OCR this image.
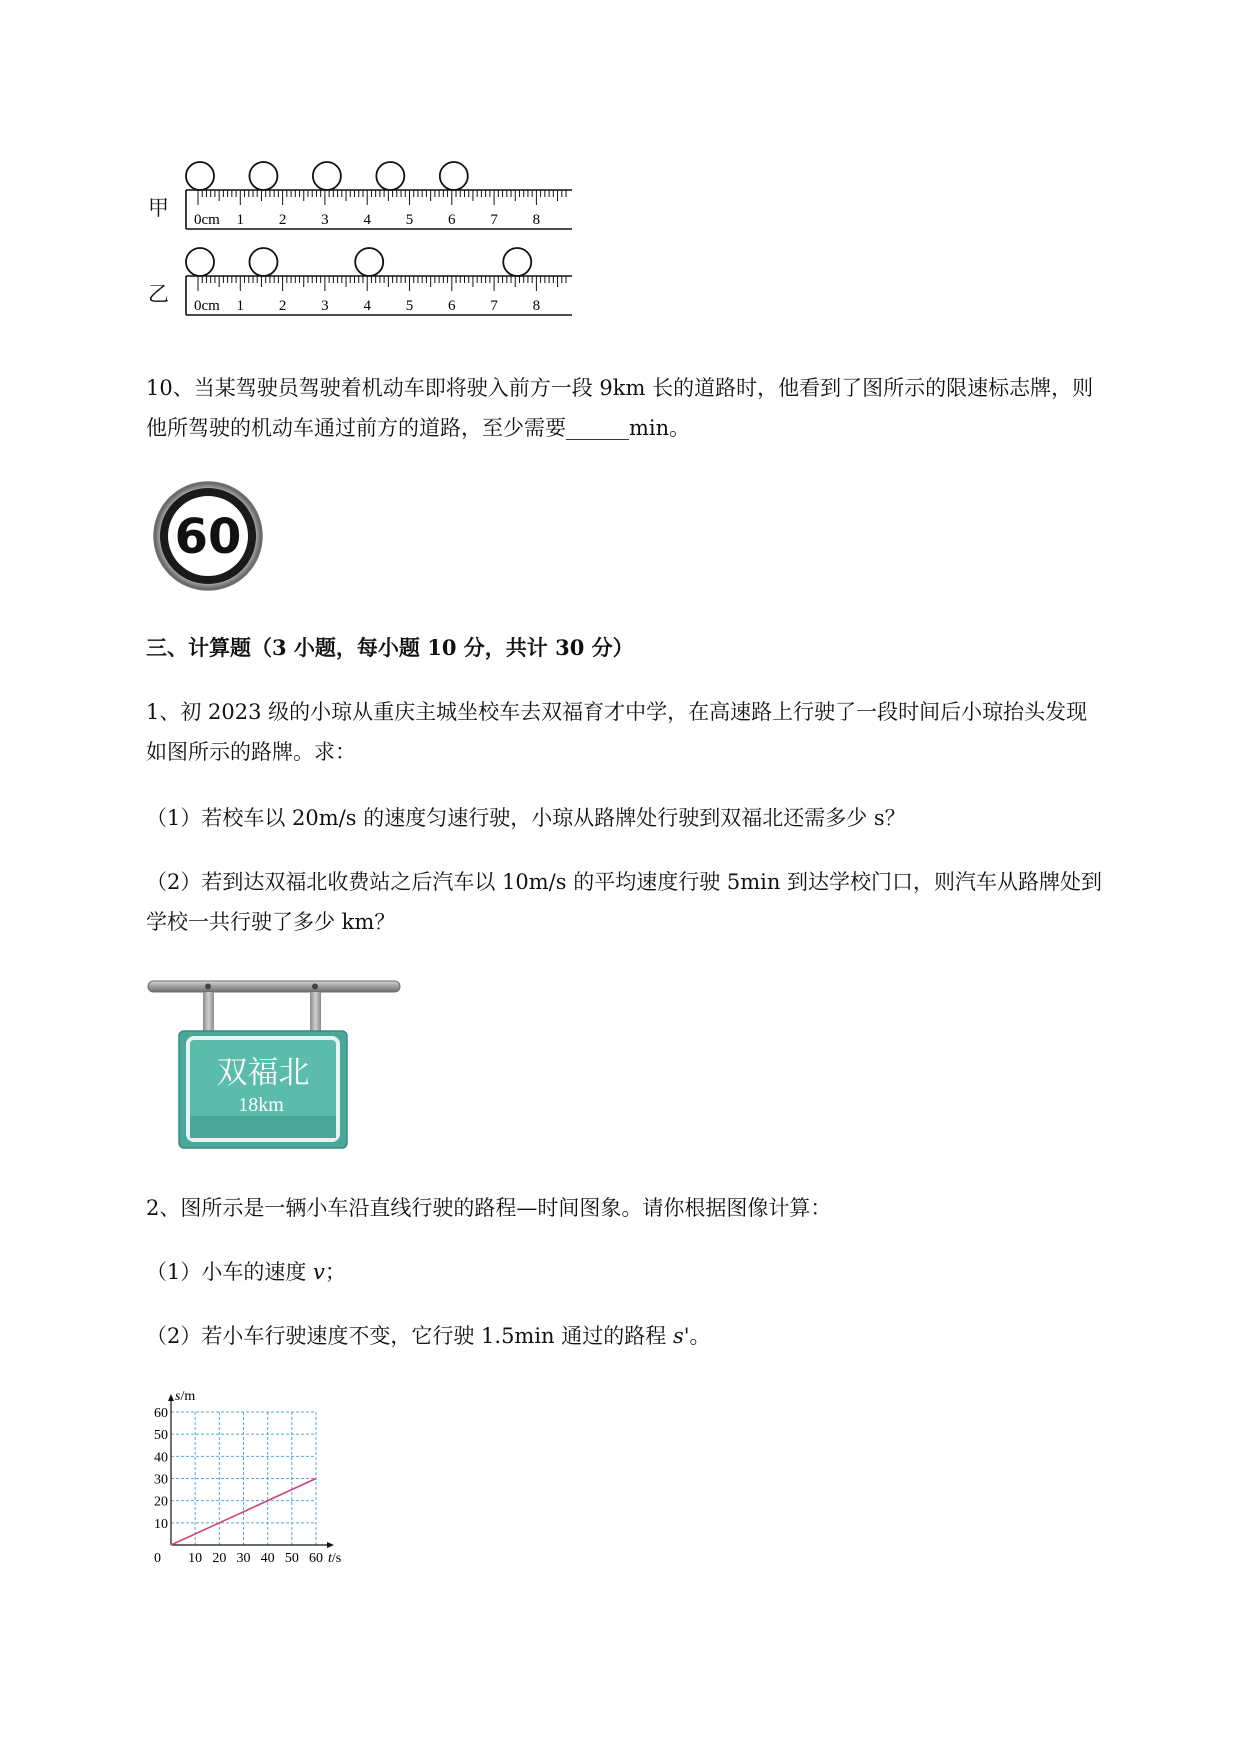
甲
乙
0cm 1 2 3 4 5 6 7 8
0cm 1 2 3 4 5 6 7 8
10、当某驾驶员驾驶着机动车即将驶入前方一段 9km 长的道路时，他看到了图所示的限速标志牌，则
他所驾驶的机动车通过前方的道路，至少需要______min。
60
三、计算题（3 小题，每小题 10 分，共计 30 分）
1、初 2023 级的小琼从重庆主城坐校车去双福育才中学，在高速路上行驶了一段时间后小琼抬头发现
如图所示的路牌。求：
（1）若校车以 20m/s 的速度匀速行驶，小琼从路牌处行驶到双福北还需多少 s？
（2）若到达双福北收费站之后汽车以 10m/s 的平均速度行驶 5min 到达学校门口，则汽车从路牌处到
学校一共行驶了多少 km？
双福北
18km
2、图所示是一辆小车沿直线行驶的路程—时间图象。请你根据图像计算：
（1）小车的速度 v；
（2）若小车行驶速度不变，它行驶 1.5min 通过的路程 s'。
10 20 30 40 50 60
10
20
30
40
50
60
0	t/s
s/m
